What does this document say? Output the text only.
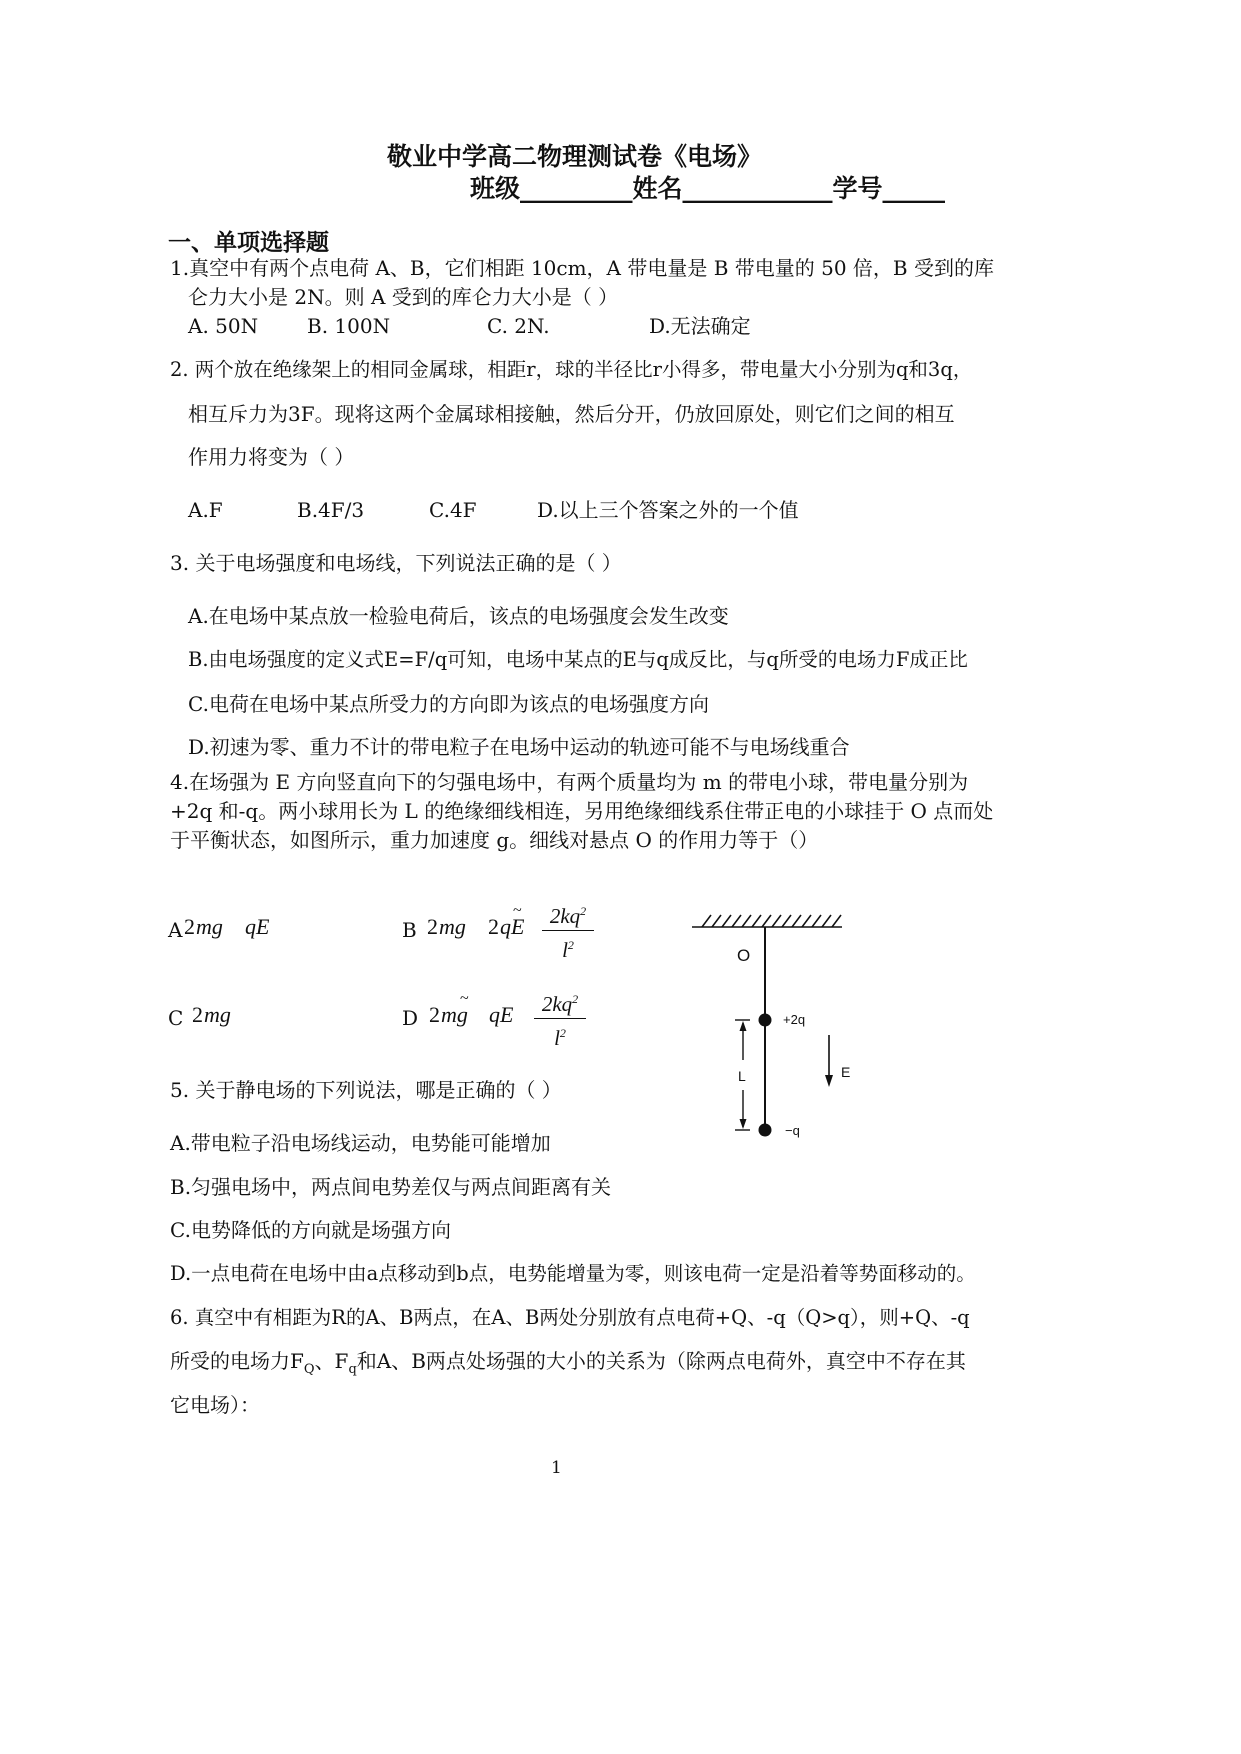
敬业中学高二物理测试卷《电场》
班级_________姓名____________学号_____
一、单项选择题
1.真空中有两个点电荷 A、B，它们相距 10cm，A 带电量是 B 带电量的 50 倍，B 受到的库
仑力大小是 2N。则 A 受到的库仑力大小是（ ）
A. 50N B. 100N	C. 2N.	D.无法确定
2. 两个放在绝缘架上的相同金属球，相距r，球的半径比r小得多，带电量大小分别为q和3q，
相互斥力为3F。现将这两个金属球相接触，然后分开，仍放回原处，则它们之间的相互
作用力将变为（ ）
A.F	B.4F/3	C.4F	D.以上三个答案之外的一个值
3. 关于电场强度和电场线，下列说法正确的是（ ）
A.在电场中某点放一检验电荷后，该点的电场强度会发生改变
B.由电场强度的定义式E=F/q可知，电场中某点的E与q成反比，与q所受的电场力F成正比
C.电荷在电场中某点所受力的方向即为该点的电场强度方向
D.初速为零、重力不计的带电粒子在电场中运动的轨迹可能不与电场线重合
4.在场强为 E 方向竖直向下的匀强电场中，有两个质量均为 m 的带电小球，带电量分别为
+2q 和-q。两小球用长为 L 的绝缘细线相连，另用绝缘细线系住带正电的小球挂于 O 点而处
于平衡状态，如图所示，重力加速度 g。细线对悬点 O 的作用力等于（）
A 2 mg qE	B 2 mg 2 qE
~	$2kq^2$
$l^2$
C 2 mg	D 2 mg
~
qE	$2kq^2$
$l^2$
O
+2q
−q
L	E
5. 关于静电场的下列说法，哪是正确的（ ）
A.带电粒子沿电场线运动，电势能可能增加
B.匀强电场中，两点间电势差仅与两点间距离有关
C.电势降低的方向就是场强方向
D.一点电荷在电场中由a点移动到b点，电势能增量为零，则该电荷一定是沿着等势面移动的。
6. 真空中有相距为R的A、B两点，在A、B两处分别放有点电荷+Q、-q（Q>q），则+Q、-q
所受的电场力$F_Q$、$F_q$和A、B两点处场强的大小的关系为（除两点电荷外，真空中不存在其
它电场）：
1
